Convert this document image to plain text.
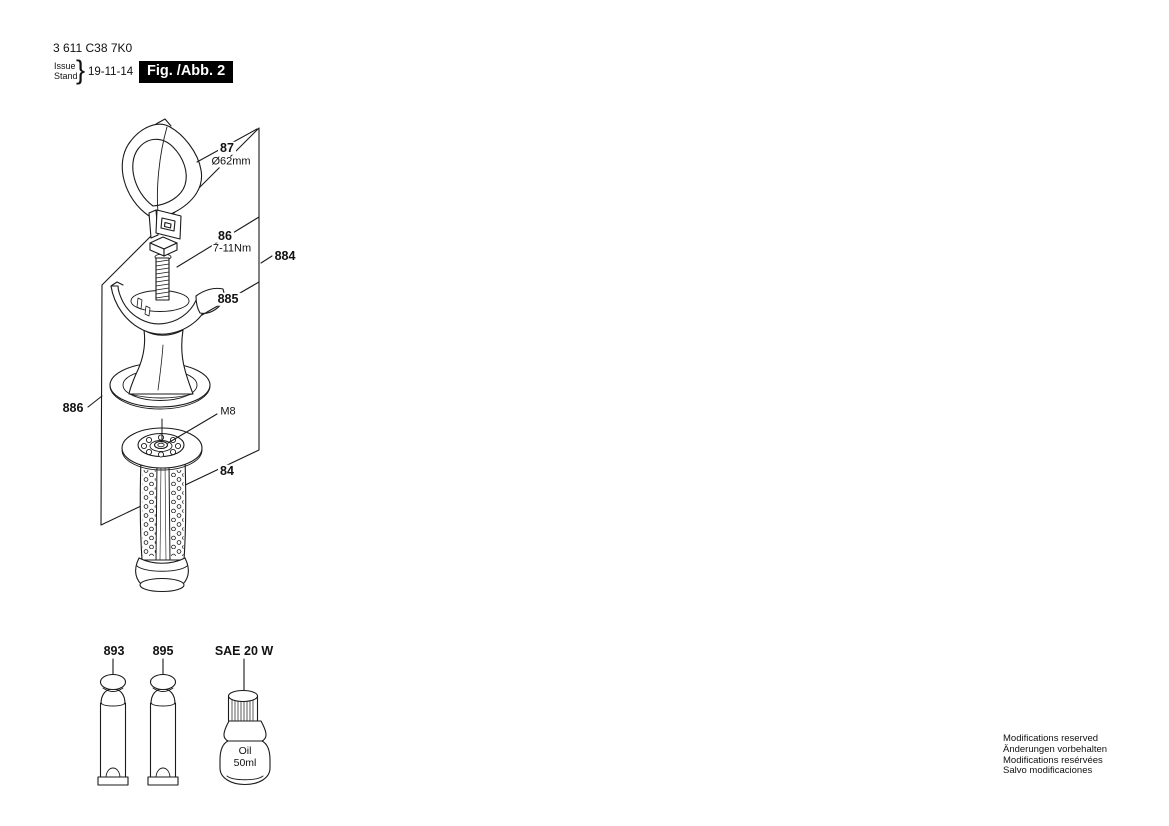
3 611 C38 7K0
Issue
Stand
} 19-11-14 Fig. /Abb. 2
87
Ø62mm
86
7-11Nm
884
885
886	M8
84
893 895	SAE 20 W
Oil
50ml
Modifications reserved
Änderungen vorbehalten
Modifications resérvées
Salvo modificaciones
